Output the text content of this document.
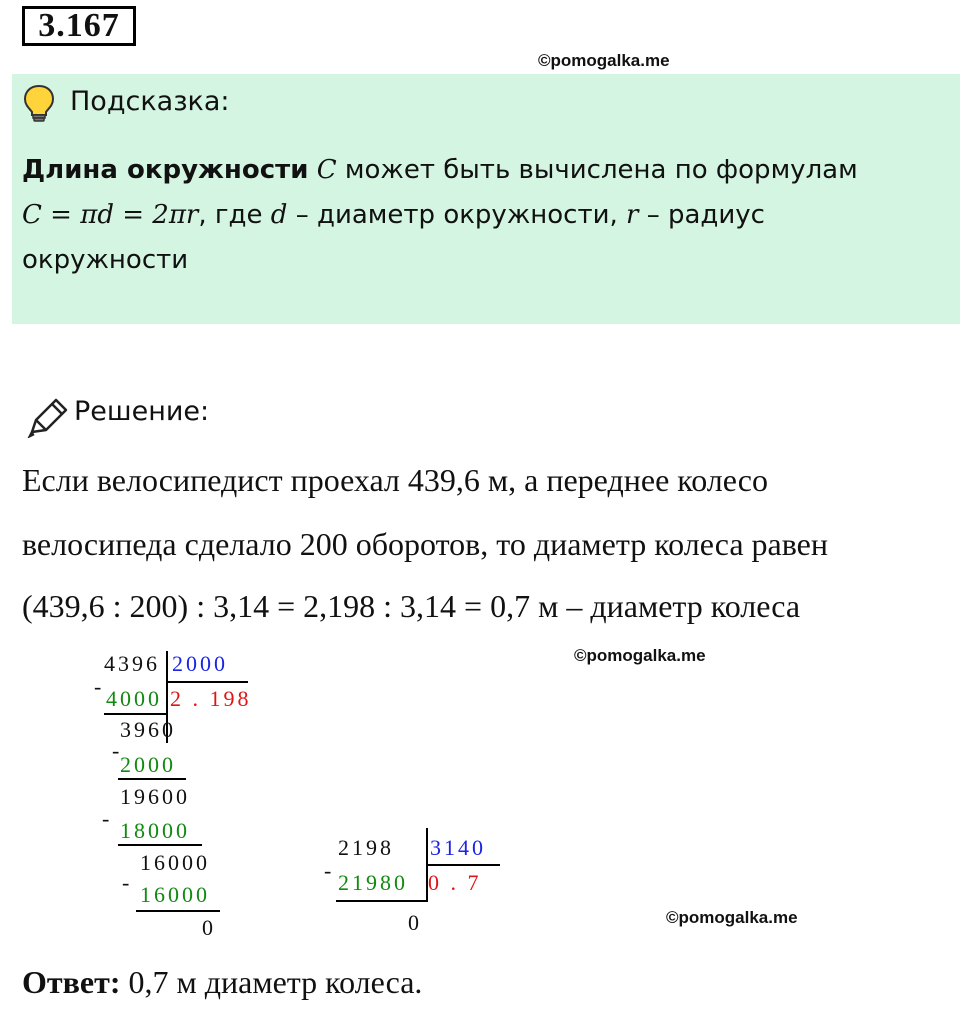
3.167
©pomogalka.me
Подсказка:
Длина окружности C может быть вычислена по формулам
C = πd = 2πr, где d – диаметр окружности, r – радиус
окружности
Решение:
Если велосипедист проехал 439,6 м, а переднее колесо
велосипеда сделало 200 оборотов, то диаметр колеса равен
(439,6 : 200) : 3,14 = 2,198 : 3,14 = 0,7 м – диаметр колеса
©pomogalka.me
4396 2000
- 4000 2 . 198
3960
-
2000
19600
- 18000
16000
- 16000
0
2198 3140
- 21980 0 . 7
0	©pomogalka.me
Ответ: 0,7 м диаметр колеса.
